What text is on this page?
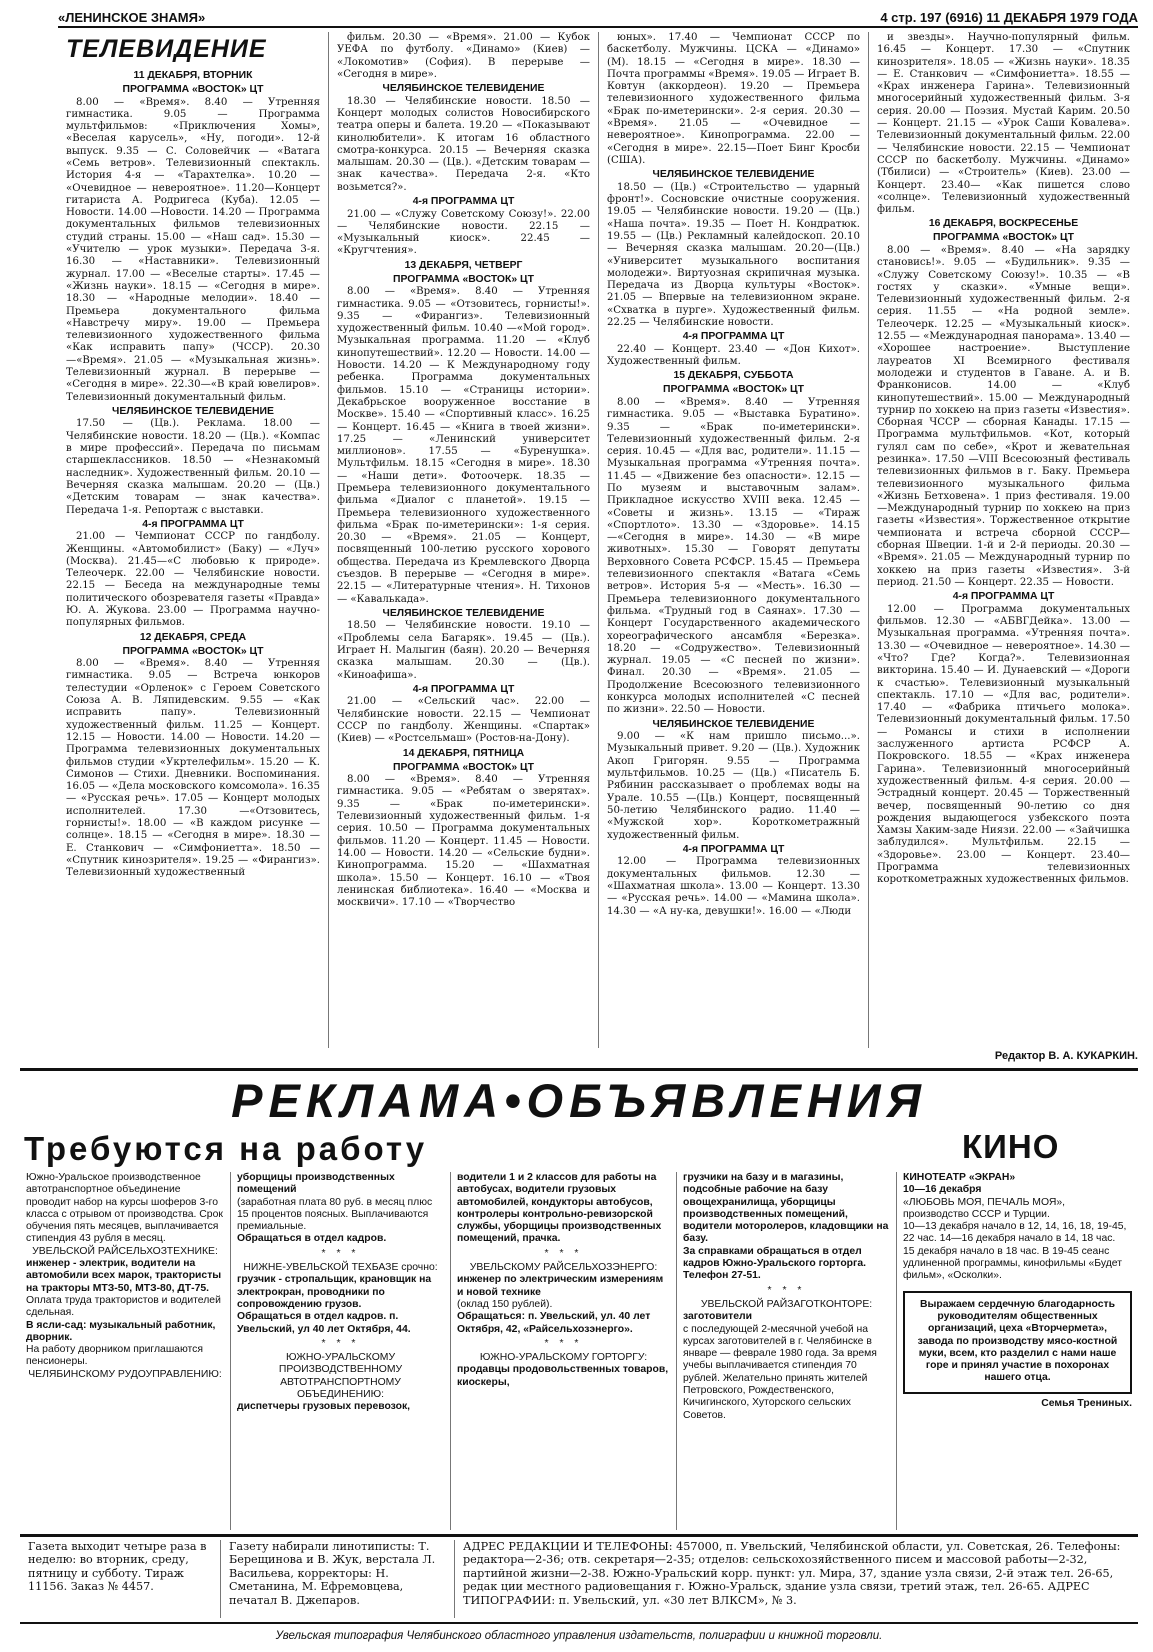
«ЛЕНИНСКОЕ ЗНАМЯ»	4 стр. 197 (6916) 11 ДЕКАБРЯ 1979 ГОДА
ТЕЛЕВИДЕНИЕ
11 ДЕКАБРЯ, ВТОРНИК
ПРОГРАММА «ВОСТОК» ЦТ
8.00 — «Время». 8.40 — Утренняя гимнастика. 9.05 — Программа мультфильмов: «Приключения Хомы», «Веселая карусель», «Ну, погоди». 12-й выпуск. 9.35 — С. Соловейчик — «Ватага «Семь ветров». Телевизионный спектакль. История 4-я — «Тарахтелка». 10.20 — «Очевидное — невероятное». 11.20—Концерт гитариста А. Родригеса (Куба). 12.05 — Новости. 14.00 —Новости. 14.20 — Программа документальных фильмов телевизионных студий страны. 15.00 — «Наш сад». 15.30 — «Учителю — урок музыки». Передача 3-я. 16.30 — «Наставники». Телевизионный журнал. 17.00 — «Веселые старты». 17.45 — «Жизнь науки». 18.15 — «Сегодня в мире». 18.30 — «Народные мелодии». 18.40 — Премьера документального фильма «Навстречу миру». 19.00 — Премьера телевизионного художественного фильма «Как исправить папу» (ЧССР). 20.30—«Время». 21.05 — «Музыкальная жизнь». Телевизионный журнал. В перерыве — «Сегодня в мире». 22.30—«В край ювелиров». Телевизионный документальный фильм.
ЧЕЛЯБИНСКОЕ ТЕЛЕВИДЕНИЕ
17.50 — (Цв.). Реклама. 18.00 — Челябинские новости. 18.20 — (Цв.). «Компас в мире профессий». Передача по письмам старшеклассников. 18.50 — «Незнакомый наследник». Художественный фильм. 20.10 — Вечерняя сказка малышам. 20.20 — (Цв.) «Детским товарам — знак качества». Передача 1-я. Репортаж с выставки.
4-я ПРОГРАММА ЦТ
21.00 — Чемпионат СССР по гандболу. Женщины. «Автомобилист» (Баку) — «Луч» (Москва). 21.45—«С любовью к природе». Телеочерк. 22.00 — Челябинские новости. 22.15 — Беседа на международные темы политического обозревателя газеты «Правда» Ю. А. Жукова. 23.00 — Программа научно-популярных фильмов.
12 ДЕКАБРЯ, СРЕДА
ПРОГРАММА «ВОСТОК» ЦТ
8.00 — «Время». 8.40 — Утренняя гимнастика. 9.05 — Встреча юнкоров телестудии «Орленок» с Героем Советского Союза А. В. Ляпидевским. 9.55 — «Как исправить папу». Телевизионный художественный фильм. 11.25 — Концерт. 12.15 — Новости. 14.00 — Новости. 14.20 — Программа телевизионных документальных фильмов студии «Укртелефильм». 15.20 — К. Симонов — Стихи. Дневники. Воспоминания. 16.05 — «Дела московского комсомола». 16.35 — «Русская речь». 17.05 — Концерт молодых исполнителей. 17.30 —«Отзовитесь, горнисты!». 18.00 — «В каждом рисунке — солнце». 18.15 — «Сегодня в мире». 18.30 — Е. Станкович — «Симфониетта». 18.50 — «Спутник кинозрителя». 19.25 — «Фирангиз». Телевизионный художественный
фильм. 20.30 — «Время». 21.00 — Кубок УЕФА по футболу. «Динамо» (Киев) — «Локомотив» (София). В перерыве — «Сегодня в мире».
ЧЕЛЯБИНСКОЕ ТЕЛЕВИДЕНИЕ
18.30 — Челябинские новости. 18.50 — Концерт молодых солистов Новосибирского театра оперы и балета. 19.20 — «Показывают кинолюбители». К итогам 16 областного смотра-конкурса. 20.15 — Вечерняя сказка малышам. 20.30 — (Цв.). «Детским товарам —знак качества». Передача 2-я. «Кто возьмется?».
4-я ПРОГРАММА ЦТ
21.00 — «Служу Советскому Союзу!». 22.00 — Челябинские новости. 22.15 — «Музыкальный киоск». 22.45 — «Кругчтения».
13 ДЕКАБРЯ, ЧЕТВЕРГ
ПРОГРАММА «ВОСТОК» ЦТ
8.00 — «Время». 8.40 — Утренняя гимнастика. 9.05 — «Отзовитесь, горнисты!». 9.35 — «Фирангиз». Телевизионный художественный фильм. 10.40 —«Мой город». Музыкальная программа. 11.20 — «Клуб кинопутешествий». 12.20 — Новости. 14.00 — Новости. 14.20 — К Международному году ребенка. Программа документальных фильмов. 15.10 — «Страницы истории». Декабрьское вооруженное восстание в Москве». 15.40 — «Спортивный класс». 16.25 — Концерт. 16.45 — «Книга в твоей жизни». 17.25 — «Ленинский университет миллионов». 17.55 — «Буренушка». Мультфильм. 18.15 «Сегодня в мире». 18.30 — «Наши дети». Фотоочерк. 18.35 — Премьера телевизионного документального фильма «Диалог с планетой». 19.15 — Премьера телевизионного художественного фильма «Брак по-иметерински»: 1-я серия. 20.30 — «Время». 21.05 — Концерт, посвященный 100-летию русского хорового общества. Передача из Кремлевского Дворца съездов. В перерыве — «Сегодня в мире». 22.15 — «Литературные чтения». Н. Тихонов — «Кавалькада».
ЧЕЛЯБИНСКОЕ ТЕЛЕВИДЕНИЕ
18.50 — Челябинские новости. 19.10 — «Проблемы села Багаряк». 19.45 — (Цв.). Играет Н. Малыгин (баян). 20.20 — Вечерняя сказка малышам. 20.30 — (Цв.). «Киноафиша».
4-я ПРОГРАММА ЦТ
21.00 — «Сельский час». 22.00 —Челябинские новости. 22.15 — Чемпионат СССР по гандболу. Женщины. «Спартак» (Киев) — «Ростсельмаш» (Ростов-на-Дону).
14 ДЕКАБРЯ, ПЯТНИЦА
ПРОГРАММА «ВОСТОК» ЦТ
8.00 — «Время». 8.40 — Утренняя гимнастика. 9.05 — «Ребятам о зверятах». 9.35 — «Брак по-иметерински». Телевизионный художественный фильм. 1-я серия. 10.50 — Программа документальных фильмов. 11.20 — Концерт. 11.45 — Новости. 14.00 — Новости. 14.20 — «Сельские будни». Кинопрограмма. 15.20 — «Шахматная школа». 15.50 — Концерт. 16.10 — «Твоя ленинская библиотека». 16.40 — «Москва и москвичи». 17.10 — «Творчество
юных». 17.40 — Чемпионат СССР по баскетболу. Мужчины. ЦСКА — «Динамо» (М). 18.15 — «Сегодня в мире». 18.30 — Почта программы «Время». 19.05 — Играет В. Ковтун (аккордеон). 19.20 — Премьера телевизионного художественного фильма «Брак по-иметерински». 2-я серия. 20.30 — «Время». 21.05 — «Очевидное — невероятное». Кинопрограмма. 22.00 — «Сегодня в мире». 22.15—Поет Бинг Кросби (США).
ЧЕЛЯБИНСКОЕ ТЕЛЕВИДЕНИЕ
18.50 — (Цв.) «Строительство — ударный фронт!». Сосновские очистные сооружения. 19.05 — Челябинские новости. 19.20 — (Цв.) «Наша почта». 19.35 — Поет Н. Кондратюк. 19.55 — (Цв.) Рекламный калейдоскоп. 20.10 — Вечерняя сказка малышам. 20.20—(Цв.) «Университет музыкального воспитания молодежи». Виртуозная скрипичная музыка. Передача из Дворца культуры «Восток». 21.05 — Впервые на телевизионном экране. «Схватка в пурге». Художественный фильм. 22.25 — Челябинские новости.
4-я ПРОГРАММА ЦТ
22.40 — Концерт. 23.40 — «Дон Кихот». Художественный фильм.
15 ДЕКАБРЯ, СУББОТА
ПРОГРАММА «ВОСТОК» ЦТ
8.00 — «Время». 8.40 — Утренняя гимнастика. 9.05 — «Выставка Буратино». 9.35 — «Брак по-иметерински». Телевизионный художественный фильм. 2-я серия. 10.45 — «Для вас, родители». 11.15 — Музыкальная программа «Утренняя почта». 11.45 — «Движение без опасности». 12.15 — По музеям и выставочным залам». Прикладное искусство XVIII века. 12.45 — «Советы и жизнь». 13.15 — «Тираж «Спортлото». 13.30 — «Здоровье». 14.15 —«Сегодня в мире». 14.30 — «В мире животных». 15.30 — Говорят депутаты Верховного Совета РСФСР. 15.45 — Премьера телевизионного спектакля «Ватага «Семь ветров». История 5-я — «Месть». 16.30 — Премьера телевизионного документального фильма. «Трудный год в Саянах». 17.30 — Концерт Государственного академического хореографического ансамбля «Березка». 18.20 — «Содружество». Телевизионный журнал. 19.05 — «С песней по жизни». Финал. 20.30 — «Время». 21.05 — Продолжение Всесоюзного телевизионного конкурса молодых исполнителей «С песней по жизни». 22.50 — Новости.
ЧЕЛЯБИНСКОЕ ТЕЛЕВИДЕНИЕ
9.00 — «К нам пришло письмо...». Музыкальный привет. 9.20 — (Цв.). Художник Акоп Григорян. 9.55 — Программа мультфильмов. 10.25 — (Цв.) «Писатель Б. Рябинин рассказывает о проблемах воды на Урале. 10.55 —(Цв.) Концерт, посвященный 50-летию Челябинского радио. 11.40 — «Мужской хор». Короткометражный художественный фильм.
4-я ПРОГРАММА ЦТ
12.00 — Программа телевизионных документальных фильмов. 12.30 — «Шахматная школа». 13.00 — Концерт. 13.30 — «Русская речь». 14.00 — «Мамина школа». 14.30 — «А ну-ка, девушки!». 16.00 — «Люди
и звезды». Научно-популярный фильм. 16.45 — Концерт. 17.30 — «Спутник кинозрителя». 18.05 — «Жизнь науки». 18.35 — Е. Станкович — «Симфониетта». 18.55 — «Крах инженера Гарина». Телевизионный многосерийный художественный фильм. 3-я серия. 20.00 — Поэзия. Мустай Карим. 20.50 — Концерт. 21.15 — «Урок Саши Ковалева». Телевизионный документальный фильм. 22.00 — Челябинские новости. 22.15 — Чемпионат СССР по баскетболу. Мужчины. «Динамо» (Тбилиси) — «Строитель» (Киев). 23.00 — Концерт. 23.40— «Как пишется слово «солнце». Телевизионный художественный фильм.
16 ДЕКАБРЯ, ВОСКРЕСЕНЬЕ
ПРОГРАММА «ВОСТОК» ЦТ
8.00 — «Время». 8.40 — «На зарядку становись!». 9.05 — «Будильник». 9.35 — «Служу Советскому Союзу!». 10.35 — «В гостях у сказки». «Умные вещи». Телевизионный художественный фильм. 2-я серия. 11.55 — «На родной земле». Телеочерк. 12.25 — «Музыкальный киоск». 12.55 — «Международная панорама». 13.40 — «Хорошее настроение». Выступление лауреатов XI Всемирного фестиваля молодежи и студентов в Гаване. А. и В. Франконисов. 14.00 — «Клуб кинопутешествий». 15.00 — Международный турнир по хоккею на приз газеты «Известия». Сборная ЧССР — сборная Канады. 17.15 — Программа мультфильмов. «Кот, который гулял сам по себе», «Крот и жевательная резинка». 17.50 —VIII Всесоюзный фестиваль телевизионных фильмов в г. Баку. Премьера телевизионного музыкального фильма «Жизнь Бетховена». 1 приз фестиваля. 19.00—Международный турнир по хоккею на приз газеты «Известия». Торжественное открытие чемпионата и встреча сборной СССР— сборная Швеции. 1-й и 2-й периоды. 20.30 — «Время». 21.05 — Международный турнир по хоккею на приз газеты «Известия». 3-й период. 21.50 — Концерт. 22.35 — Новости.
4-я ПРОГРАММА ЦТ
12.00 — Программа документальных фильмов. 12.30 — «АБВГДейка». 13.00 — Музыкальная программа. «Утренняя почта». 13.30 — «Очевидное — невероятное». 14.30 — «Что? Где? Когда?». Телевизионная викторина. 15.40 — И. Дунаевский — «Дороги к счастью». Телевизионный музыкальный спектакль. 17.10 — «Для вас, родители». 17.40 — «Фабрика птичьего молока». Телевизионный документальный фильм. 17.50 — Романсы и стихи в исполнении заслуженного артиста РСФСР А. Покровского. 18.55 — «Крах инженера Гарина». Телевизионный многосерийный художественный фильм. 4-я серия. 20.00 — Эстрадный концерт. 20.45 — Торжественный вечер, посвященный 90-летию со дня рождения выдающегося узбекского поэта Хамзы Хаким-заде Ниязи. 22.00 — «Зайчишка заблудился». Мультфильм. 22.15 — «Здоровье». 23.00 — Концерт. 23.40— Программа телевизионных короткометражных художественных фильмов.
Редактор В. А. КУКАРКИН.
РЕКЛАМА•ОБЪЯВЛЕНИЯ
Требуются на работу	КИНО
Южно-Уральское производственное автотранспортное объединение проводит набор на курсы шоферов 3-го класса с отрывом от производства. Срок обучения пять месяцев, выплачивается стипендия 43 рубля в месяц.
УВЕЛЬСКОЙ РАЙСЕЛЬХОЗТЕХНИКЕ:
инженер - электрик, водители на автомобили всех марок, трактористы на тракторы МТЗ-50, МТЗ-80, ДТ-75.
Оплата труда трактористов и водителей сдельная.
В ясли-сад: музыкальный работник, дворник.
На работу дворником приглашаются пенсионеры.
ЧЕЛЯБИНСКОМУ РУДОУПРАВЛЕНИЮ:
уборщицы производственных помещений
(заработная плата 80 руб. в месяц плюс 15 процентов поясных. Выплачиваются премиальные.
Обращаться в отдел кадров.
* * *
НИЖНЕ-УВЕЛЬСКОЙ ТЕХБАЗЕ срочно:
грузчик - стропальщик, крановщик на электрокран, проводники по сопровождению грузов.
Обращаться в отдел кадров. п. Увельский, ул 40 лет Октября, 44.
* * *
ЮЖНО-УРАЛЬСКОМУ ПРОИЗВОДСТВЕННОМУ АВТОТРАНСПОРТНОМУ ОБЪЕДИНЕНИЮ:
диспетчеры грузовых перевозок,
водители 1 и 2 классов для работы на автобусах, водители грузовых автомобилей, кондукторы автобусов, контролеры контрольно-ревизорской службы, уборщицы производственных помещений, прачка.
* * *
УВЕЛЬСКОМУ РАЙСЕЛЬХОЗЭНЕРГО:
инженер по электрическим измерениям и новой технике
(оклад 150 рублей).
Обращаться: п. Увельский, ул. 40 лет Октября, 42, «Райсельхозэнерго».
* * *
ЮЖНО-УРАЛЬСКОМУ ГОРТОРГУ:
продавцы продовольственных товаров, киоскеры,
грузчики на базу и в магазины, подсобные рабочие на базу овощехранилища, уборщицы производственных помещений, водители моторолеров, кладовщики на базу.
За справками обращаться в отдел кадров Южно-Уральского горторга. Телефон 27-51.
* * *
УВЕЛЬСКОЙ РАЙЗАГОТКОНТОРЕ:
заготовители
с последующей 2-месячной учебой на курсах заготовителей в г. Челябинске в январе — феврале 1980 года. За время учебы выплачивается стипендия 70 рублей. Желательно принять жителей Петровского, Рождественского, Кичигинского, Хуторского сельских Советов.
КИНОТЕАТР «ЭКРАН»
10—16 декабря
«ЛЮБОВЬ МОЯ, ПЕЧАЛЬ МОЯ», производство СССР и Турции.
10—13 декабря начало в 12, 14, 16, 18, 19-45, 22 час. 14—16 декабря начало в 14, 18 час.
15 декабря начало в 18 час. В 19-45 сеанс удлиненной программы, кинофильмы «Будет фильм», «Осколки».

Выражаем сердечную благодарность руководителям общественных организаций, цеха «Вторчермета», завода по производству мясо-костной муки, всем, кто разделил с нами наше горе и принял участие в похоронах нашего отца.

Семья Трениных.

Газета выходит четыре раза в неделю: во вторник, среду, пятницу и субботу. Тираж 11156. Заказ № 4457.
Газету набирали линотиписты: Т. Берещинова и В. Жук, верстала Л. Васильева, корректоры: Н. Сметанина, М. Ефремовцева, печатал В. Джепаров.
АДРЕС РЕДАКЦИИ И ТЕЛЕФОНЫ: 457000, п. Увельский, Челябинской области, ул. Советская, 26. Телефоны: редактора—2-36; отв. секретаря—2-35; отделов: сельскохозяйственного писем и массовой работы—2-32, партийной жизни—2-38. Южно-Уральский корр. пункт: ул. Мира, 37, здание узла связи, 2-й этаж тел. 26-65, редак ции местного радиовещания г. Южно-Уральск, здание узла связи, третий этаж, тел. 26-65. АДРЕС ТИПОГРАФИИ: п. Увельский, ул. «30 лет ВЛКСМ», № 3.
Увельская типография Челябинского областного управления издательств, полиграфии и книжной торговли.
